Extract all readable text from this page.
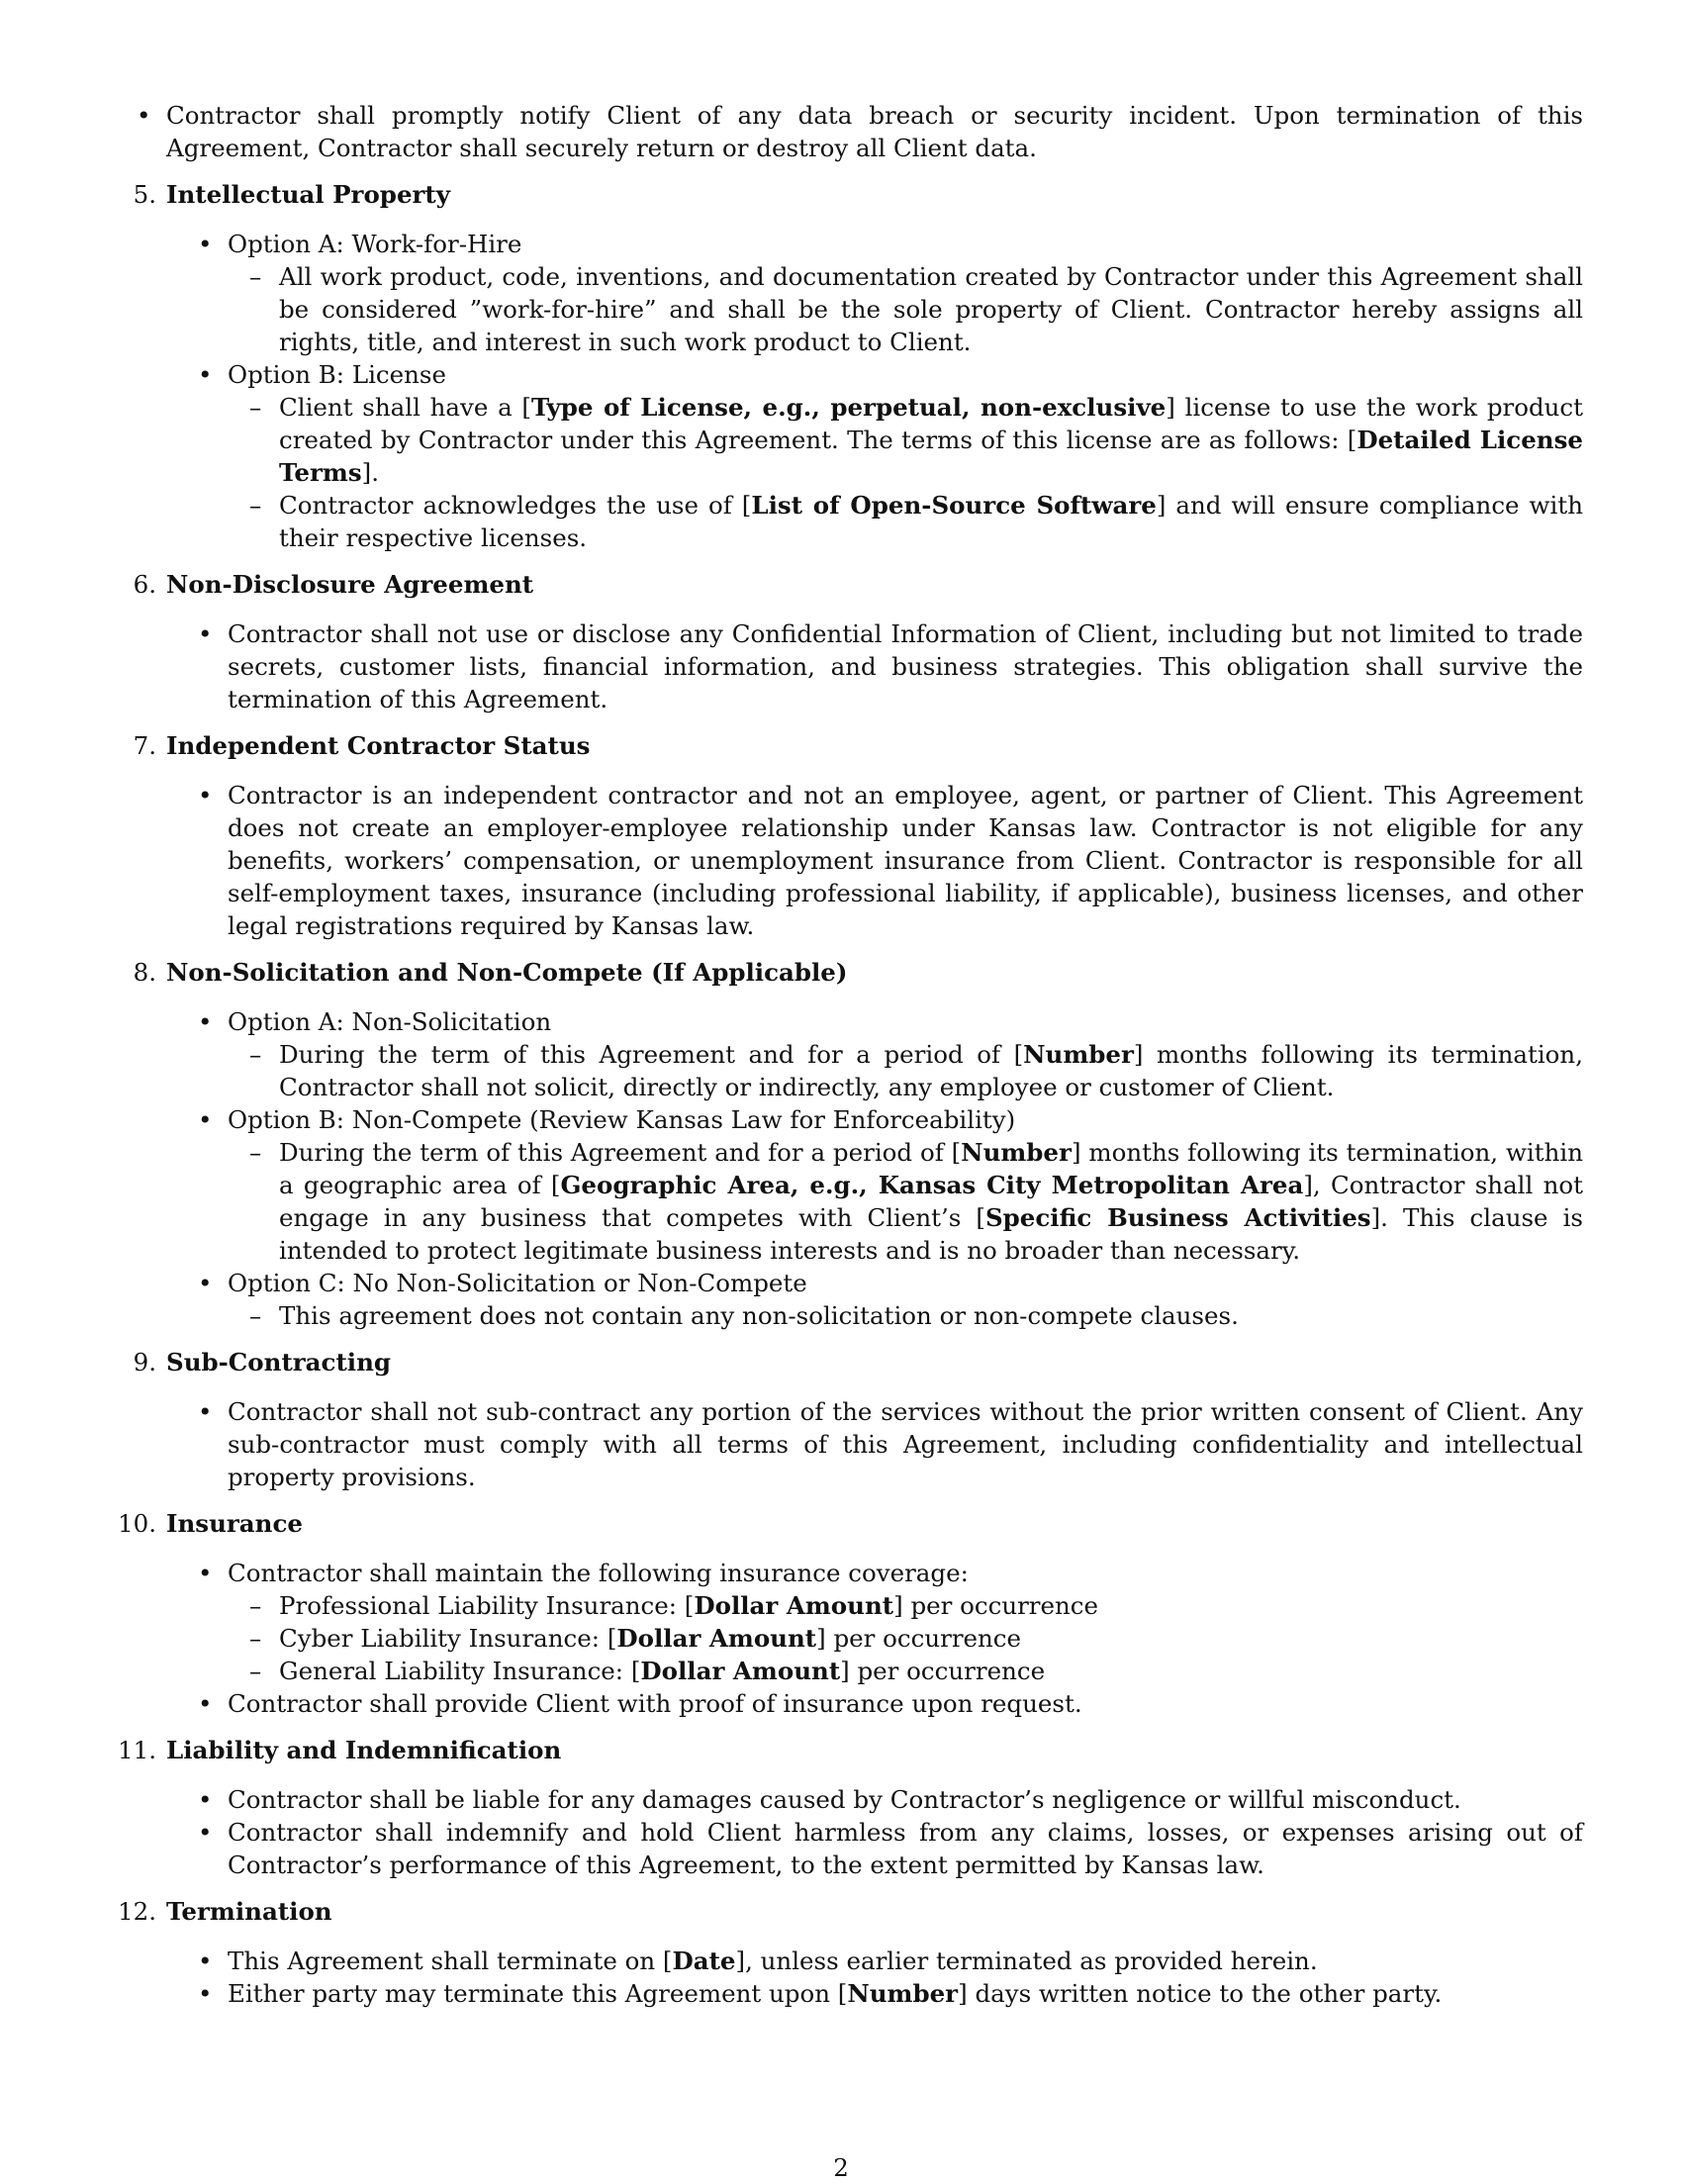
• Contractor shall promptly notify Client of any data breach or security incident. Upon termination of this Agreement, Contractor shall securely return or destroy all Client data.
5. Intellectual Property
• Option A: Work-for-Hire
– All work product, code, inventions, and documentation created by Contractor under this Agreement shall be considered ”work-for-hire” and shall be the sole property of Client. Contractor hereby assigns all rights, title, and interest in such work product to Client.
• Option B: License
– Client shall have a [Type of License, e.g., perpetual, non-exclusive] license to use the work product created by Contractor under this Agreement. The terms of this license are as follows: [Detailed License Terms].
– Contractor acknowledges the use of [List of Open-Source Software] and will ensure compliance with their respective licenses.
6. Non-Disclosure Agreement
• Contractor shall not use or disclose any Confidential Information of Client, including but not limited to trade secrets, customer lists, financial information, and business strategies. This obligation shall survive the termination of this Agreement.
7. Independent Contractor Status
• Contractor is an independent contractor and not an employee, agent, or partner of Client. This Agreement does not create an employer-employee relationship under Kansas law. Contractor is not eligible for any benefits, workers’ compensation, or unemployment insurance from Client. Contractor is responsible for all self-employment taxes, insurance (including professional liability, if applicable), business licenses, and other legal registrations required by Kansas law.
8. Non-Solicitation and Non-Compete (If Applicable)
• Option A: Non-Solicitation
– During the term of this Agreement and for a period of [Number] months following its termination, Contractor shall not solicit, directly or indirectly, any employee or customer of Client.
• Option B: Non-Compete (Review Kansas Law for Enforceability)
– During the term of this Agreement and for a period of [Number] months following its termination, within a geographic area of [Geographic Area, e.g., Kansas City Metropolitan Area], Contractor shall not engage in any business that competes with Client’s [Specific Business Activities]. This clause is intended to protect legitimate business interests and is no broader than necessary.
• Option C: No Non-Solicitation or Non-Compete
– This agreement does not contain any non-solicitation or non-compete clauses.
9. Sub-Contracting
• Contractor shall not sub-contract any portion of the services without the prior written consent of Client. Any sub-contractor must comply with all terms of this Agreement, including confidentiality and intellectual property provisions.
10. Insurance
• Contractor shall maintain the following insurance coverage:
– Professional Liability Insurance: [Dollar Amount] per occurrence
– Cyber Liability Insurance: [Dollar Amount] per occurrence
– General Liability Insurance: [Dollar Amount] per occurrence
• Contractor shall provide Client with proof of insurance upon request.
11. Liability and Indemnification
• Contractor shall be liable for any damages caused by Contractor’s negligence or willful misconduct.
• Contractor shall indemnify and hold Client harmless from any claims, losses, or expenses arising out of Contractor’s performance of this Agreement, to the extent permitted by Kansas law.
12. Termination
• This Agreement shall terminate on [Date], unless earlier terminated as provided herein.
• Either party may terminate this Agreement upon [Number] days written notice to the other party.
2
